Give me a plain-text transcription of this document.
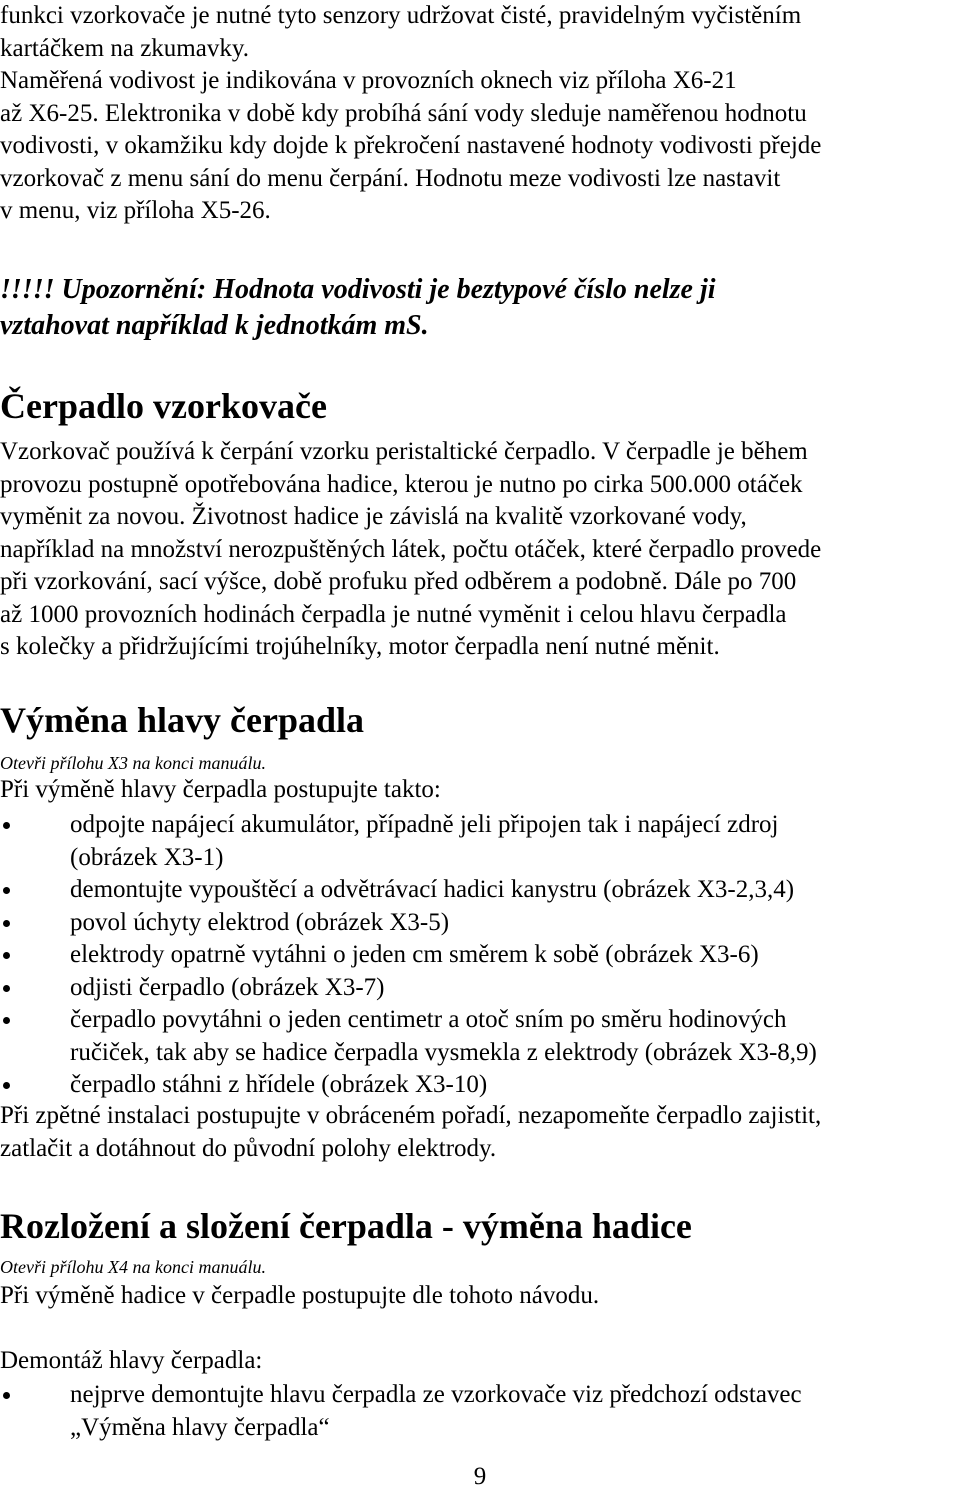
funkci vzorkovače je nutné tyto senzory udržovat čisté, pravidelným vyčistěním
kartáčkem na zkumavky.
Naměřená vodivost je indikována v provozních oknech viz příloha X6-21
až X6-25. Elektronika v době kdy probíhá sání vody sleduje naměřenou hodnotu
vodivosti, v okamžiku kdy dojde k překročení nastavené hodnoty vodivosti přejde
vzorkovač z menu sání do menu čerpání. Hodnotu meze vodivosti lze nastavit
v menu, viz příloha X5-26.
!!!!! Upozornění: Hodnota vodivosti je beztypové číslo nelze ji
vztahovat například k jednotkám mS.
Čerpadlo vzorkovače
Vzorkovač používá k čerpání vzorku peristaltické čerpadlo. V čerpadle je během
provozu postupně opotřebována hadice, kterou je nutno po cirka 500.000 otáček
vyměnit za novou. Životnost hadice je závislá na kvalitě vzorkované vody,
například na množství nerozpuštěných látek, počtu otáček, které čerpadlo provede
při vzorkování, sací výšce, době profuku před odběrem a podobně. Dále po 700
až 1000 provozních hodinách čerpadla je nutné vyměnit i celou hlavu čerpadla
s kolečky a přidržujícími trojúhelníky, motor čerpadla není nutné měnit.
Výměna hlavy čerpadla
Otevři přílohu X3 na konci manuálu.
Při výměně hlavy čerpadla postupujte takto:
odpojte napájecí akumulátor, případně jeli připojen tak i napájecí zdroj
(obrázek X3-1)
demontujte vypouštěcí a odvětrávací hadici kanystru (obrázek X3-2,3,4)
povol úchyty elektrod (obrázek X3-5)
elektrody opatrně vytáhni o jeden cm směrem k sobě (obrázek X3-6)
odjisti čerpadlo (obrázek X3-7)
čerpadlo povytáhni o jeden centimetr a otoč sním po směru hodinových
ručiček, tak aby se hadice čerpadla vysmekla z elektrody (obrázek X3-8,9)
čerpadlo stáhni z hřídele (obrázek X3-10)
Při zpětné instalaci postupujte v obráceném pořadí, nezapomeňte čerpadlo zajistit,
zatlačit a dotáhnout do původní polohy elektrody.
Rozložení a složení čerpadla - výměna hadice
Otevři přílohu X4 na konci manuálu.
Při výměně hadice v čerpadle postupujte dle tohoto návodu.
Demontáž hlavy čerpadla:
nejprve demontujte hlavu čerpadla ze vzorkovače viz předchozí odstavec
„Výměna hlavy čerpadla“
9
